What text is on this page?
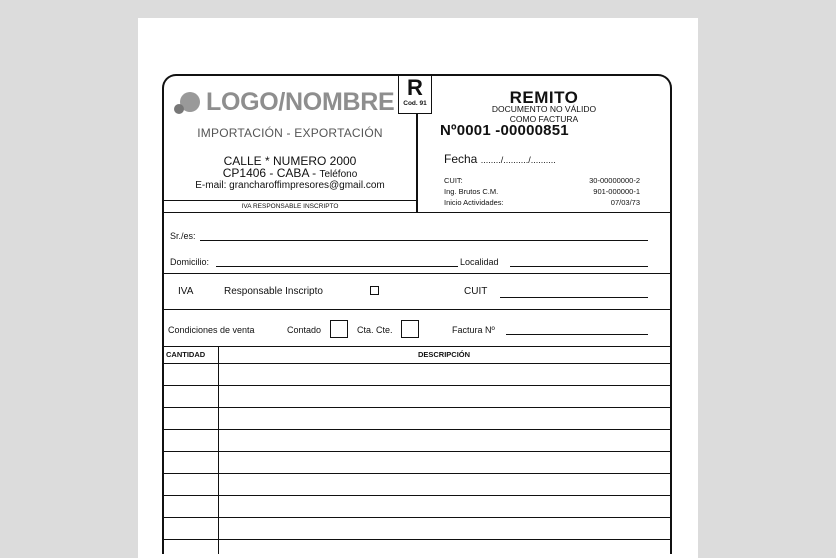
LOGO/NOMBRE
IMPORTACIÓN - EXPORTACIÓN
CALLE * NUMERO 2000
CP1406 - CABA - Teléfono
E-mail: grancharoffimpresores@gmail.com
IVA RESPONSABLE INSCRIPTO
R
Cod. 91	REMITO
DOCUMENTO NO VÁLIDO
COMO FACTURA
Nº0001 -00000851
Fecha ......../........../..........
CUIT:	30-00000000-2
Ing. Brutos C.M.	901-000000-1
Inicio Actividades:	07/03/73
Sr./es:
Domicilio:	Localidad
IVA	Responsable Inscripto	CUIT
Condiciones de venta	Contado	Cta. Cte.	Factura Nº
CANTIDAD	DESCRIPCIÓN
